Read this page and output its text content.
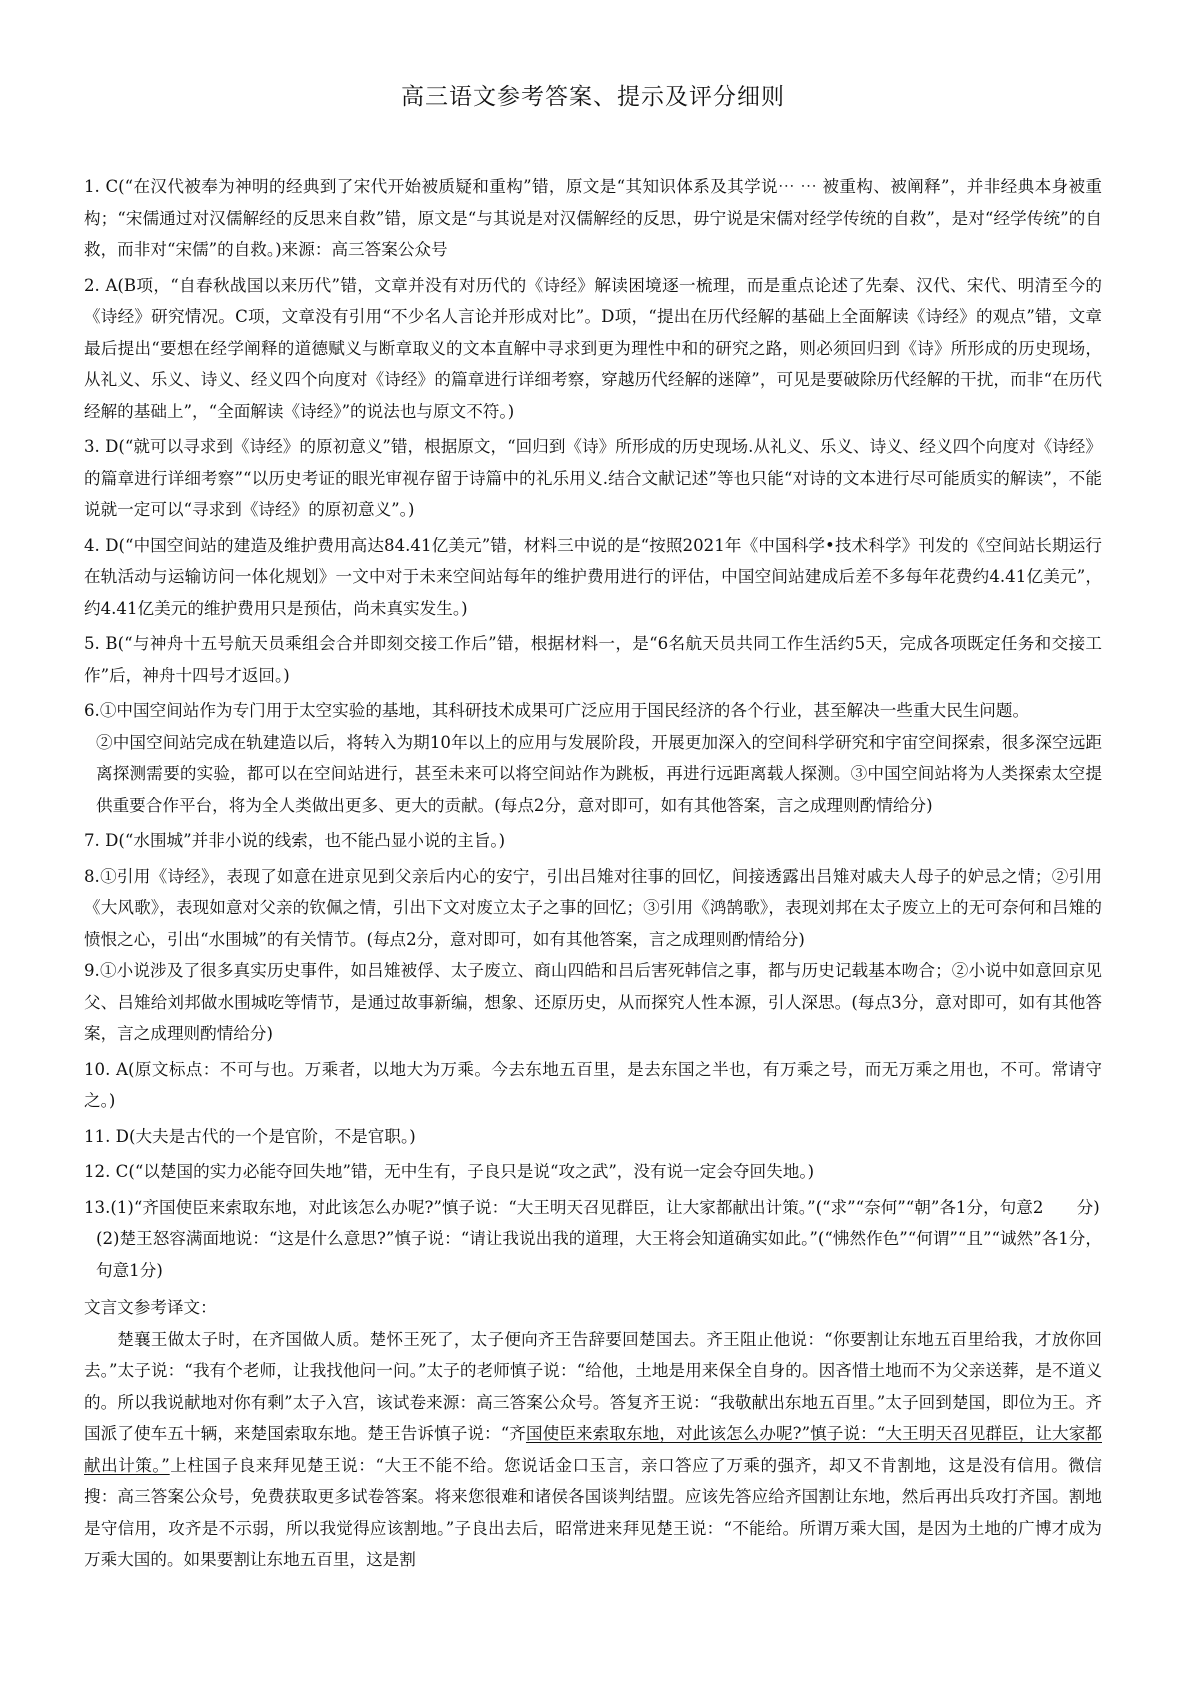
高三语文参考答案、提示及评分细则

1. C(“在汉代被奉为神明的经典到了宋代开始被质疑和重构”错，原文是“其知识体系及其学说⋯ ⋯ 被重构、被阐释”，并非经典本身被重构；“宋儒通过对汉儒解经的反思来自救”错，原文是“与其说是对汉儒解经的反思，毋宁说是宋儒对经学传统的自救”，是对“经学传统”的自救，而非对“宋儒”的自救。)来源：高三答案公众号

2. A(B项，“自春秋战国以来历代”错，文章并没有对历代的《诗经》解读困境逐一梳理，而是重点论述了先秦、汉代、宋代、明清至今的《诗经》研究情况。C项，文章没有引用“不少名人言论并形成对比”。D项，“提出在历代经解的基础上全面解读《诗经》的观点”错，文章最后提出“要想在经学阐释的道德赋义与断章取义的文本直解中寻求到更为理性中和的研究之路，则必须回归到《诗》所形成的历史现场，从礼义、乐义、诗义、经义四个向度对《诗经》的篇章进行详细考察，穿越历代经解的迷障”，可见是要破除历代经解的干扰，而非“在历代经解的基础上”，“全面解读《诗经》”的说法也与原文不符。)

3. D(“就可以寻求到《诗经》的原初意义”错，根据原文，“回归到《诗》所形成的历史现场.从礼义、乐义、诗义、经义四个向度对《诗经》的篇章进行详细考察”“以历史考证的眼光审视存留于诗篇中的礼乐用义.结合文献记述”等也只能“对诗的文本进行尽可能质实的解读”，不能说就一定可以“寻求到《诗经》的原初意义”。)

4. D(“中国空间站的建造及维护费用高达84.41亿美元”错，材料三中说的是“按照2021年《中国科学•技术科学》刊发的《空间站长期运行在轨活动与运输访问一体化规划》一文中对于未来空间站每年的维护费用进行的评估，中国空间站建成后差不多每年花费约4.41亿美元”，约4.41亿美元的维护费用只是预估，尚未真实发生。)

5. B(“与神舟十五号航天员乘组会合并即刻交接工作后”错，根据材料一，是“6名航天员共同工作生活约5天，完成各项既定任务和交接工作”后，神舟十四号才返回。)

6.①中国空间站作为专门用于太空实验的基地，其科研技术成果可广泛应用于国民经济的各个行业，甚至解决一些重大民生问题。

②中国空间站完成在轨建造以后，将转入为期10年以上的应用与发展阶段，开展更加深入的空间科学研究和宇宙空间探索，很多深空远距离探测需要的实验，都可以在空间站进行，甚至未来可以将空间站作为跳板，再进行远距离载人探测。③中国空间站将为人类探索太空提供重要合作平台，将为全人类做出更多、更大的贡献。(每点2分，意对即可，如有其他答案，言之成理则酌情给分)

7. D(“水围城”并非小说的线索，也不能凸显小说的主旨。)

8.①引用《诗经》，表现了如意在进京见到父亲后内心的安宁，引出吕雉对往事的回忆，间接透露出吕雉对戚夫人母子的妒忌之情；②引用《大风歌》，表现如意对父亲的钦佩之情，引出下文对废立太子之事的回忆；③引用《鸿鹄歌》，表现刘邦在太子废立上的无可奈何和吕雉的愤恨之心，引出“水围城”的有关情节。(每点2分，意对即可，如有其他答案，言之成理则酌情给分)

9.①小说涉及了很多真实历史事件，如吕雉被俘、太子废立、商山四皓和吕后害死韩信之事，都与历史记载基本吻合；②小说中如意回京见父、吕雉给刘邦做水围城吃等情节，是通过故事新编，想象、还原历史，从而探究人性本源，引人深思。(每点3分，意对即可，如有其他答案，言之成理则酌情给分)

10. A(原文标点：不可与也。万乘者，以地大为万乘。今去东地五百里，是去东国之半也，有万乘之号，而无万乘之用也，不可。常请守之。)

11. D(大夫是古代的一个是官阶，不是官职。)

12. C(“以楚国的实力必能夺回失地”错，无中生有，子良只是说“攻之武”，没有说一定会夺回失地。)

13.(1)“齐国使臣来索取东地，对此该怎么办呢?”慎子说：“大王明天召见群臣，让大家都献出计策。”(“求”“奈何”“朝”各1分，句意2　　分)

(2)楚王怒容满面地说：“这是什么意思?”慎子说：“请让我说出我的道理，大王将会知道确实如此。”(“怫然作色”“何谓”“且”“诚然”各1分，句意1分)

文言文参考译文：

楚襄王做太子时，在齐国做人质。楚怀王死了，太子便向齐王告辞要回楚国去。齐王阻止他说：“你要割让东地五百里给我，才放你回去。”太子说：“我有个老师，让我找他问一问。”太子的老师慎子说：“给他，土地是用来保全自身的。因吝惜土地而不为父亲送葬，是不道义的。所以我说献地对你有剩”太子入宫，该试卷来源：高三答案公众号。答复齐王说：“我敬献出东地五百里。”太子回到楚国，即位为王。齐国派了使车五十辆，来楚国索取东地。楚王告诉慎子说：“齐国使臣来索取东地，对此该怎么办呢?”慎子说：“大王明天召见群臣，让大家都献出计策。”上柱国子良来拜见楚王说：“大王不能不给。您说话金口玉言，亲口答应了万乘的强齐，却又不肯割地，这是没有信用。微信搜：高三答案公众号，免费获取更多试卷答案。将来您很难和诸侯各国谈判结盟。应该先答应给齐国割让东地，然后再出兵攻打齐国。割地是守信用，攻齐是不示弱，所以我觉得应该割地。”子良出去后，昭常进来拜见楚王说：“不能给。所谓万乘大国，是因为土地的广博才成为万乘大国的。如果要割让东地五百里，这是割
